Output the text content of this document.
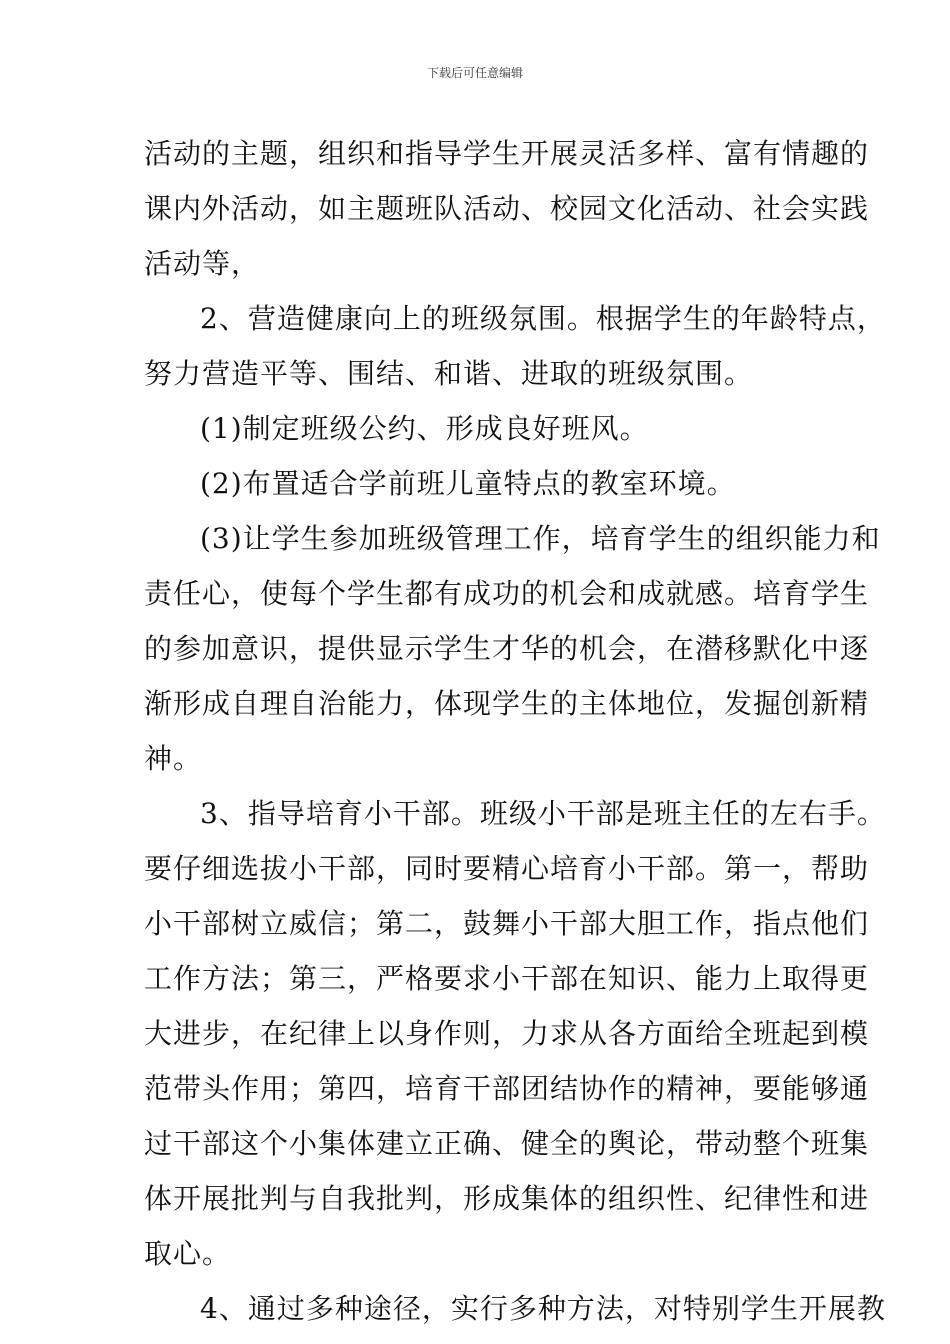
下载后可任意编辑
活动的主题，组织和指导学生开展灵活多样、富有情趣的
课内外活动，如主题班队活动、校园文化活动、社会实践
活动等，
2、营造健康向上的班级氛围。根据学生的年龄特点，
努力营造平等、围结、和谐、进取的班级氛围。
(1)制定班级公约、形成良好班风。
(2)布置适合学前班儿童特点的教室环境。
(3)让学生参加班级管理工作，培育学生的组织能力和
责任心，使每个学生都有成功的机会和成就感。培育学生
的参加意识，提供显示学生才华的机会，在潜移默化中逐
渐形成自理自治能力，体现学生的主体地位，发掘创新精
神。
3、指导培育小干部。班级小干部是班主任的左右手。
要仔细选拔小干部，同时要精心培育小干部。第一，帮助
小干部树立威信；第二，鼓舞小干部大胆工作，指点他们
工作方法；第三，严格要求小干部在知识、能力上取得更
大进步，在纪律上以身作则，力求从各方面给全班起到模
范带头作用；第四，培育干部团结协作的精神，要能够通
过干部这个小集体建立正确、健全的舆论，带动整个班集
体开展批判与自我批判，形成集体的组织性、纪律性和进
取心。
4、通过多种途径，实行多种方法，对特别学生开展教
